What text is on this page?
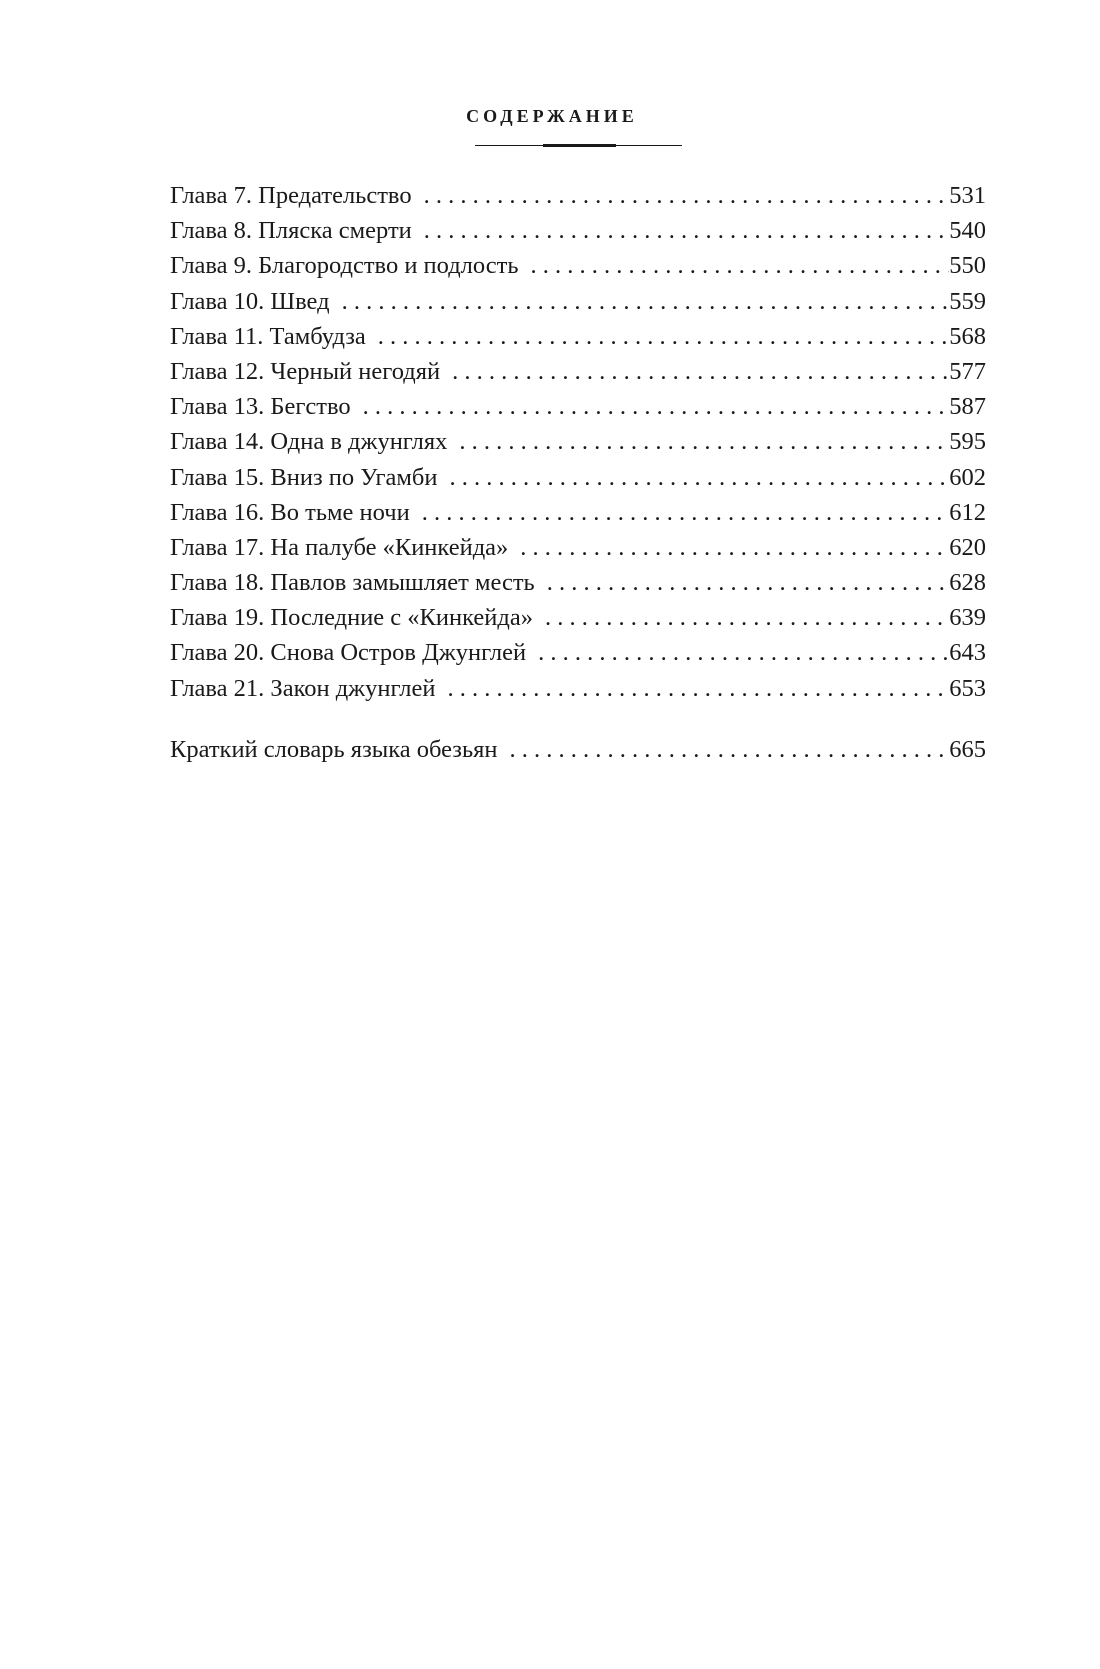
СОДЕРЖАНИЕ
Глава 7. Предательство . . .	531
Глава 8. Пляска смерти . . .	540
Глава 9. Благородство и подлость . . .	550
Глава 10. Швед . . .	559
Глава 11. Тамбудза . . .	568
Глава 12. Черный негодяй . . .	577
Глава 13. Бегство . . .	587
Глава 14. Одна в джунглях . . .	595
Глава 15. Вниз по Угамби . . .	602
Глава 16. Во тьме ночи . . .	612
Глава 17. На палубе «Кинкейда» . . .	620
Глава 18. Павлов замышляет месть . . .	628
Глава 19. Последние с «Кинкейда» . . .	639
Глава 20. Снова Остров Джунглей . . .	643
Глава 21. Закон джунглей . . .	653
Краткий словарь языка обезьян . . .	665
